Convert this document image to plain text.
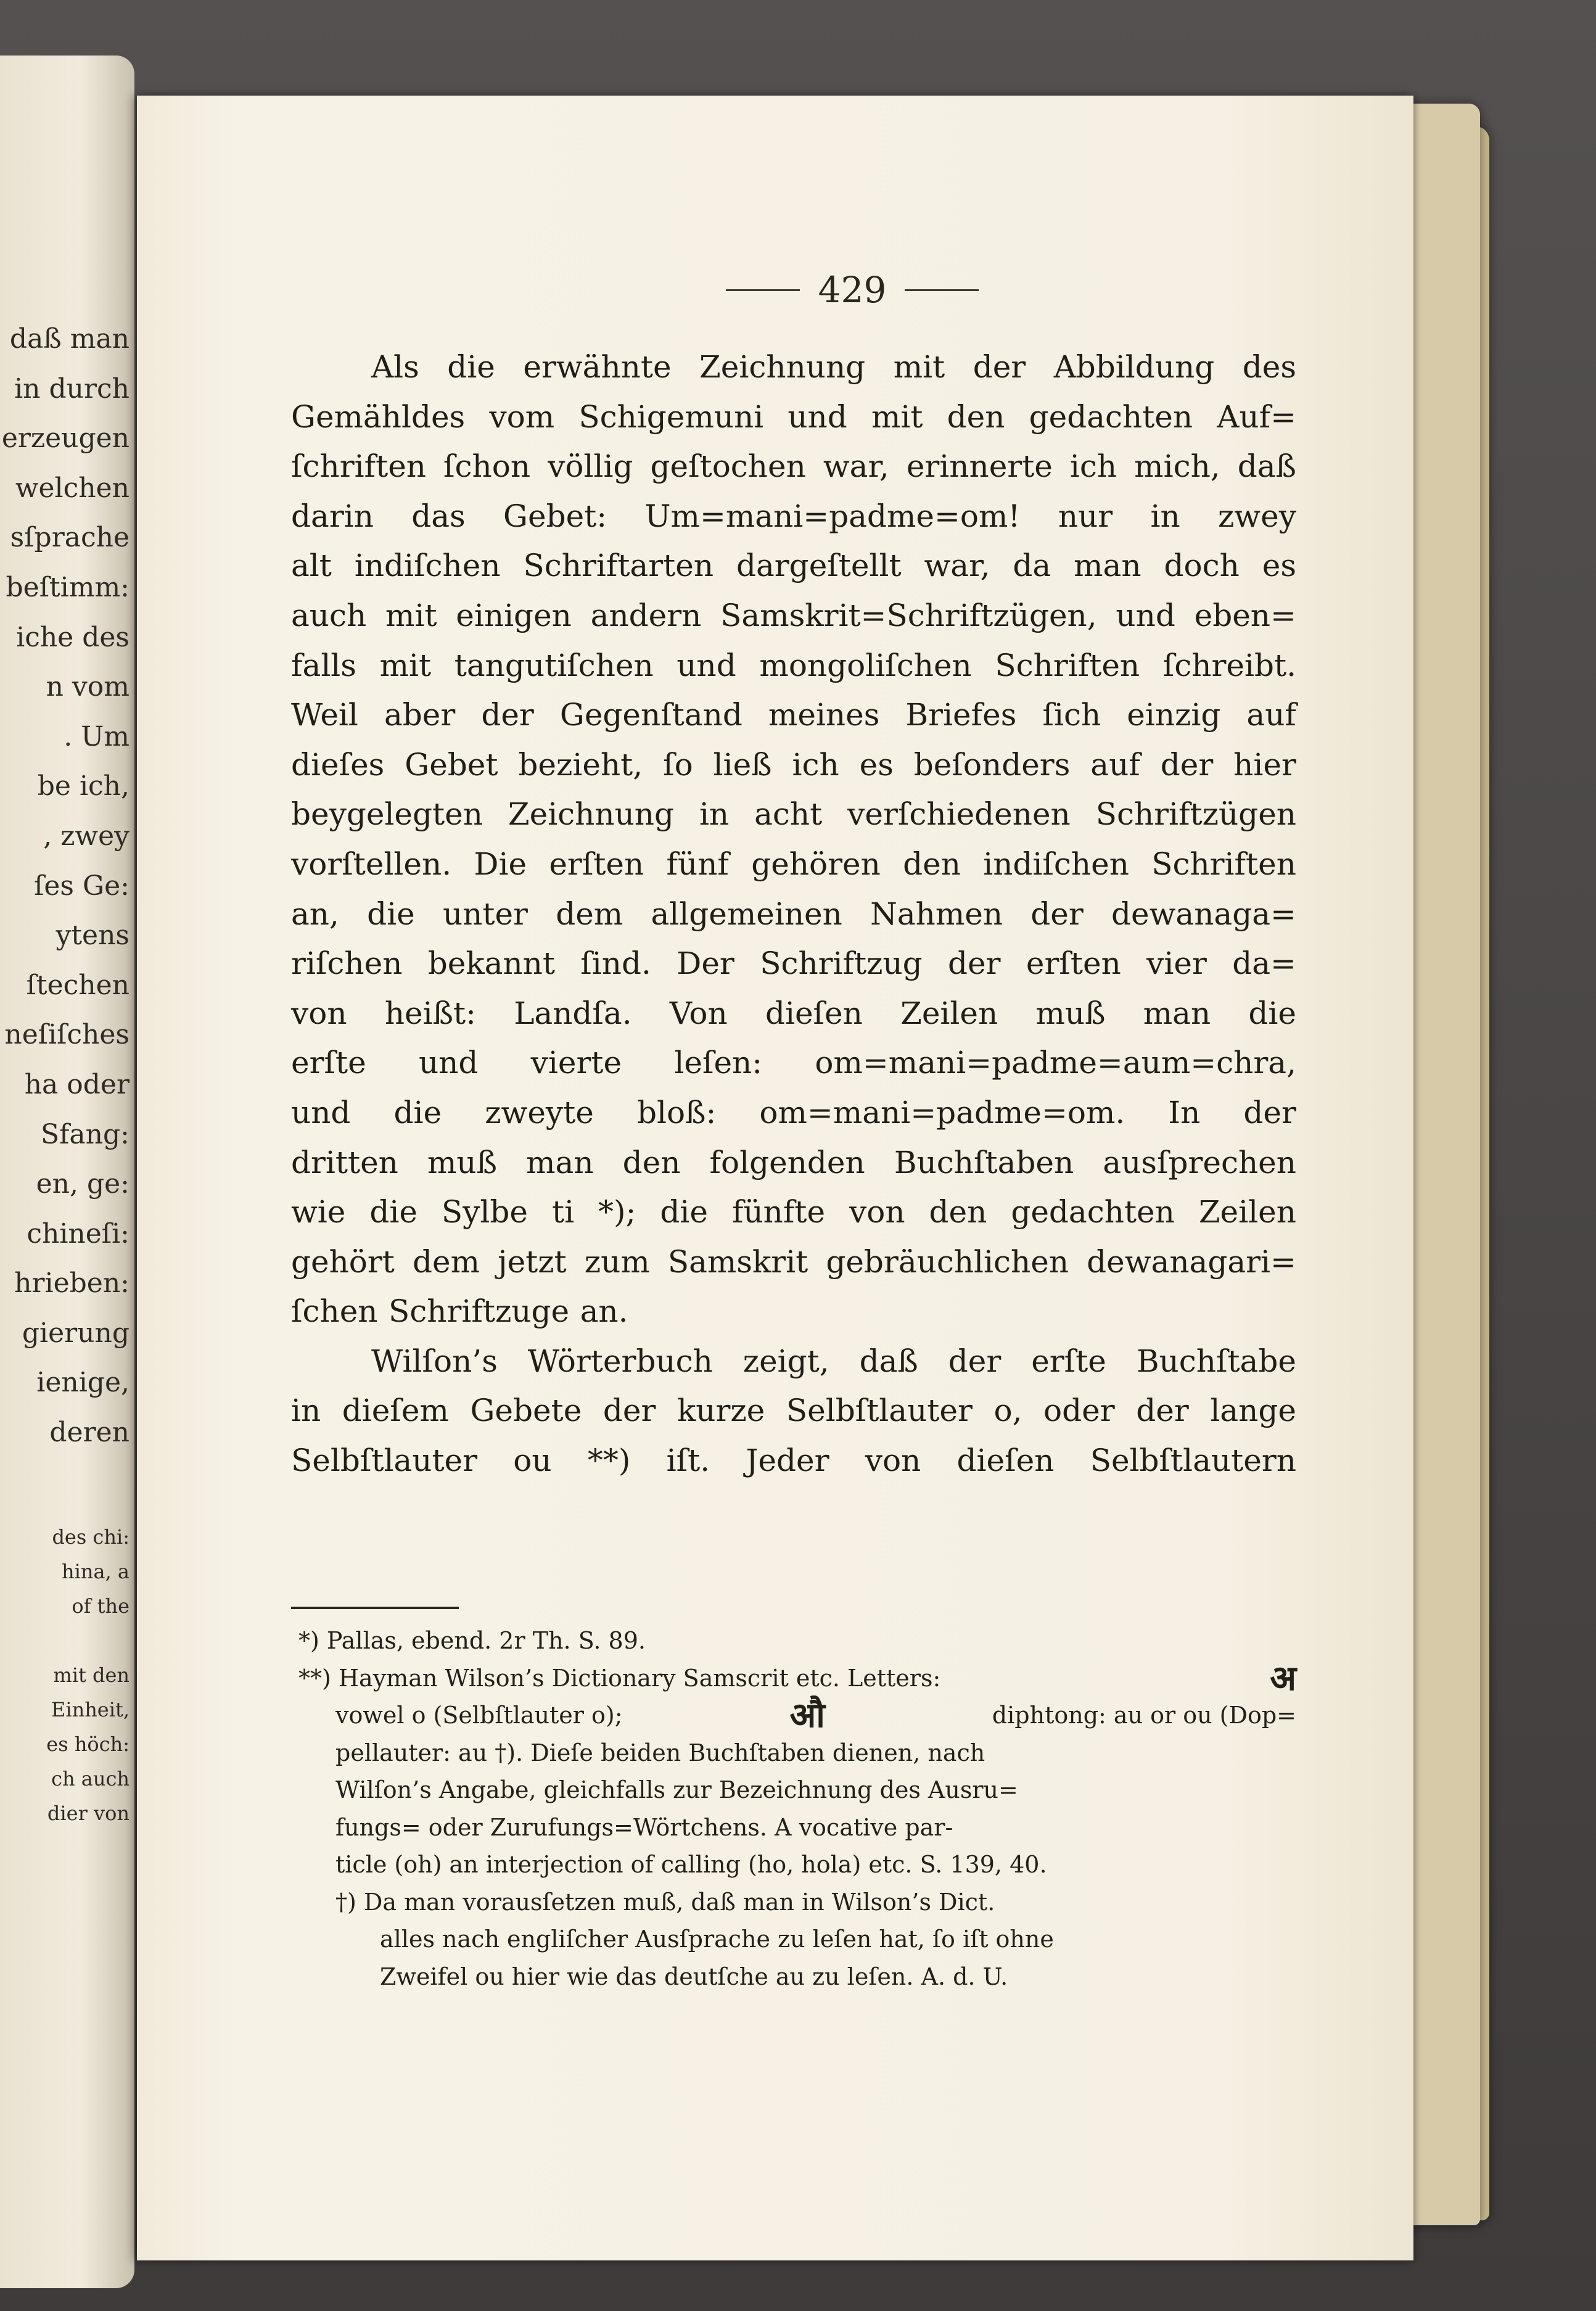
daß man
in durch
erzeugen
welchen
sſprache
beſtimm:
iche des
n vom
. Um
be ich,
, zwey
ſes Ge:
ytens
ſtechen
neſiſches
ha oder
Sfang:
en, ge:
chineſi:
hrieben:
gierung
ienige,
deren
des chi:
hina, a
of the
mit den
Einheit,
es höch:
ch auch
dier von
429
Als die erwähnte Zeichnung mit der Abbildung des
Gemähldes vom Schigemuni und mit den gedachten Auf=
ſchriften ſchon völlig geſtochen war, erinnerte ich mich, daß
darin das Gebet: Um=mani=padme=om! nur in zwey
alt indiſchen Schriftarten dargeſtellt war, da man doch es
auch mit einigen andern Samskrit=Schriftzügen, und eben=
falls mit tangutiſchen und mongoliſchen Schriften ſchreibt.
Weil aber der Gegenſtand meines Briefes ſich einzig auf
dieſes Gebet bezieht, ſo ließ ich es beſonders auf der hier
beygelegten Zeichnung in acht verſchiedenen Schriftzügen
vorſtellen. Die erſten fünf gehören den indiſchen Schriften
an, die unter dem allgemeinen Nahmen der dewanaga=
riſchen bekannt ſind. Der Schriftzug der erſten vier da=
von heißt: Landſa. Von dieſen Zeilen muß man die
erſte und vierte leſen: om=mani=padme=aum=chra,
und die zweyte bloß: om=mani=padme=om. In der
dritten muß man den folgenden Buchſtaben ausſprechen
wie die Sylbe ti *); die fünfte von den gedachten Zeilen
gehört dem jetzt zum Samskrit gebräuchlichen dewanagari=
ſchen Schriftzuge an.
Wilſon’s Wörterbuch zeigt, daß der erſte Buchſtabe
in dieſem Gebete der kurze Selbſtlauter o, oder der lange
Selbſtlauter ou **) iſt. Jeder von dieſen Selbſtlautern
*) Pallas, ebend. 2r Th. S. 89.
**) Hayman Wilson’s Dictionary Samscrit etc. Letters:	अ
vowel o (Selbſtlauter o);	औ	diphtong: au or ou (Dop=
pellauter: au †). Dieſe beiden Buchſtaben dienen, nach
Wilſon’s Angabe, gleichfalls zur Bezeichnung des Ausru=
fungs= oder Zurufungs=Wörtchens. A vocative par-
ticle (oh) an interjection of calling (ho, hola) etc. S. 139, 40.
†) Da man vorausſetzen muß, daß man in Wilson’s Dict.
alles nach engliſcher Ausſprache zu leſen hat, ſo iſt ohne
Zweifel ou hier wie das deutſche au zu leſen. A. d. U.
